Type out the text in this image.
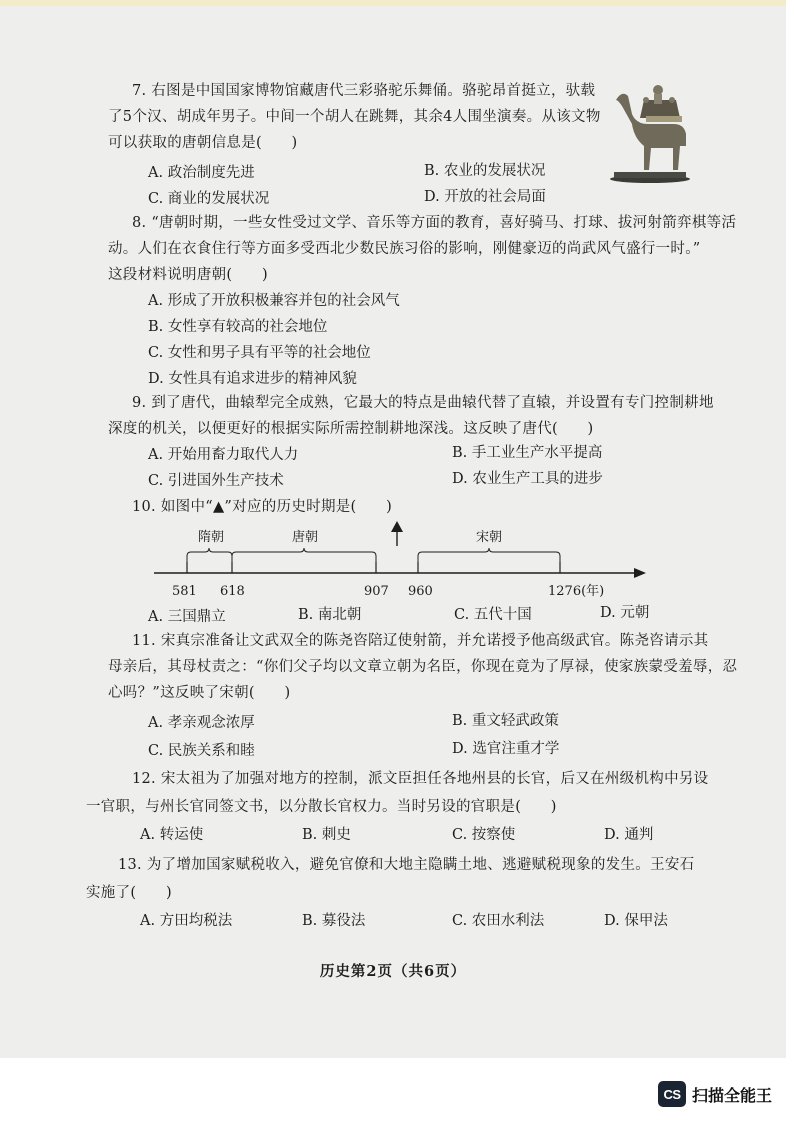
7. 右图是中国国家博物馆藏唐代三彩骆驼乐舞俑。骆驼昂首挺立，驮载
了5个汉、胡成年男子。中间一个胡人在跳舞，其余4人围坐演奏。从该文物
可以获取的唐朝信息是(　　)
A. 政治制度先进	B. 农业的发展状况
C. 商业的发展状况	D. 开放的社会局面
8. “唐朝时期，一些女性受过文学、音乐等方面的教育，喜好骑马、打球、拔河射箭弈棋等活
动。人们在衣食住行等方面多受西北少数民族习俗的影响，刚健豪迈的尚武风气盛行一时。”
这段材料说明唐朝(　　)
A. 形成了开放积极兼容并包的社会风气
B. 女性享有较高的社会地位
C. 女性和男子具有平等的社会地位
D. 女性具有追求进步的精神风貌
9. 到了唐代，曲辕犁完全成熟，它最大的特点是曲辕代替了直辕，并设置有专门控制耕地
深度的机关，以便更好的根据实际所需控制耕地深浅。这反映了唐代(　　)
A. 开始用畜力取代人力	B. 手工业生产水平提高
C. 引进国外生产技术	D. 农业生产工具的进步
10. 如图中“▲”对应的历史时期是(　　)
隋朝	唐朝	宋朝
581 618	907 960	1276(年)
A. 三国鼎立	B. 南北朝	C. 五代十国	D. 元朝
11. 宋真宗准备让文武双全的陈尧咨陪辽使射箭，并允诺授予他高级武官。陈尧咨请示其
母亲后，其母杖责之：“你们父子均以文章立朝为名臣，你现在竟为了厚禄，使家族蒙受羞辱，忍
心吗？”这反映了宋朝(　　)
A. 孝亲观念浓厚	B. 重文轻武政策
C. 民族关系和睦	D. 选官注重才学
12. 宋太祖为了加强对地方的控制，派文臣担任各地州县的长官，后又在州级机构中另设
一官职，与州长官同签文书，以分散长官权力。当时另设的官职是(　　)
A. 转运使	B. 刺史	C. 按察使	D. 通判
13. 为了增加国家赋税收入，避免官僚和大地主隐瞒土地、逃避赋税现象的发生。王安石
实施了(　　)
A. 方田均税法	B. 募役法	C. 农田水利法	D. 保甲法
历史第2页（共6页）
CS 扫描全能王
